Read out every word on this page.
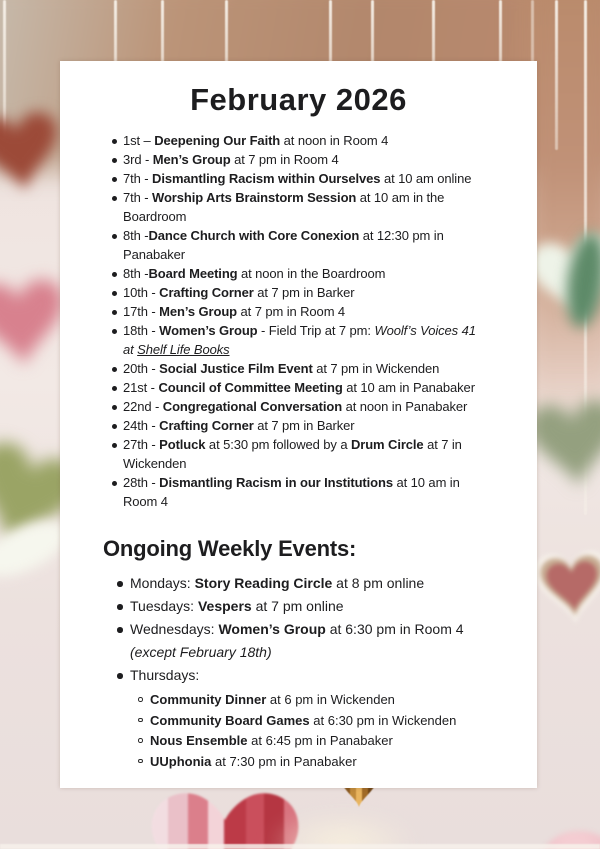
February 2026
1st – Deepening Our Faith at noon in Room 4
3rd - Men’s Group at 7 pm in Room 4
7th - Dismantling Racism within Ourselves at 10 am online
7th - Worship Arts Brainstorm Session at 10 am in the
Boardroom
8th -Dance Church with Core Conexion at 12:30 pm in
Panabaker
8th -Board Meeting at noon in the Boardroom
10th - Crafting Corner at 7 pm in Barker
17th - Men’s Group at 7 pm in Room 4
18th - Women’s Group - Field Trip at 7 pm: Woolf’s Voices 41
at Shelf Life Books
20th - Social Justice Film Event at 7 pm in Wickenden
21st - Council of Committee Meeting at 10 am in Panabaker
22nd - Congregational Conversation at noon in Panabaker
24th - Crafting Corner at 7 pm in Barker
27th - Potluck at 5:30 pm followed by a Drum Circle at 7 in
Wickenden
28th - Dismantling Racism in our Institutions at 10 am in
Room 4
Ongoing Weekly Events:
Mondays: Story Reading Circle at 8 pm online
Tuesdays: Vespers at 7 pm online
Wednesdays: Women’s Group at 6:30 pm in Room 4
(except February 18th)
Thursdays:
Community Dinner at 6 pm in Wickenden
Community Board Games at 6:30 pm in Wickenden
Nous Ensemble at 6:45 pm in Panabaker
UUphonia at 7:30 pm in Panabaker
